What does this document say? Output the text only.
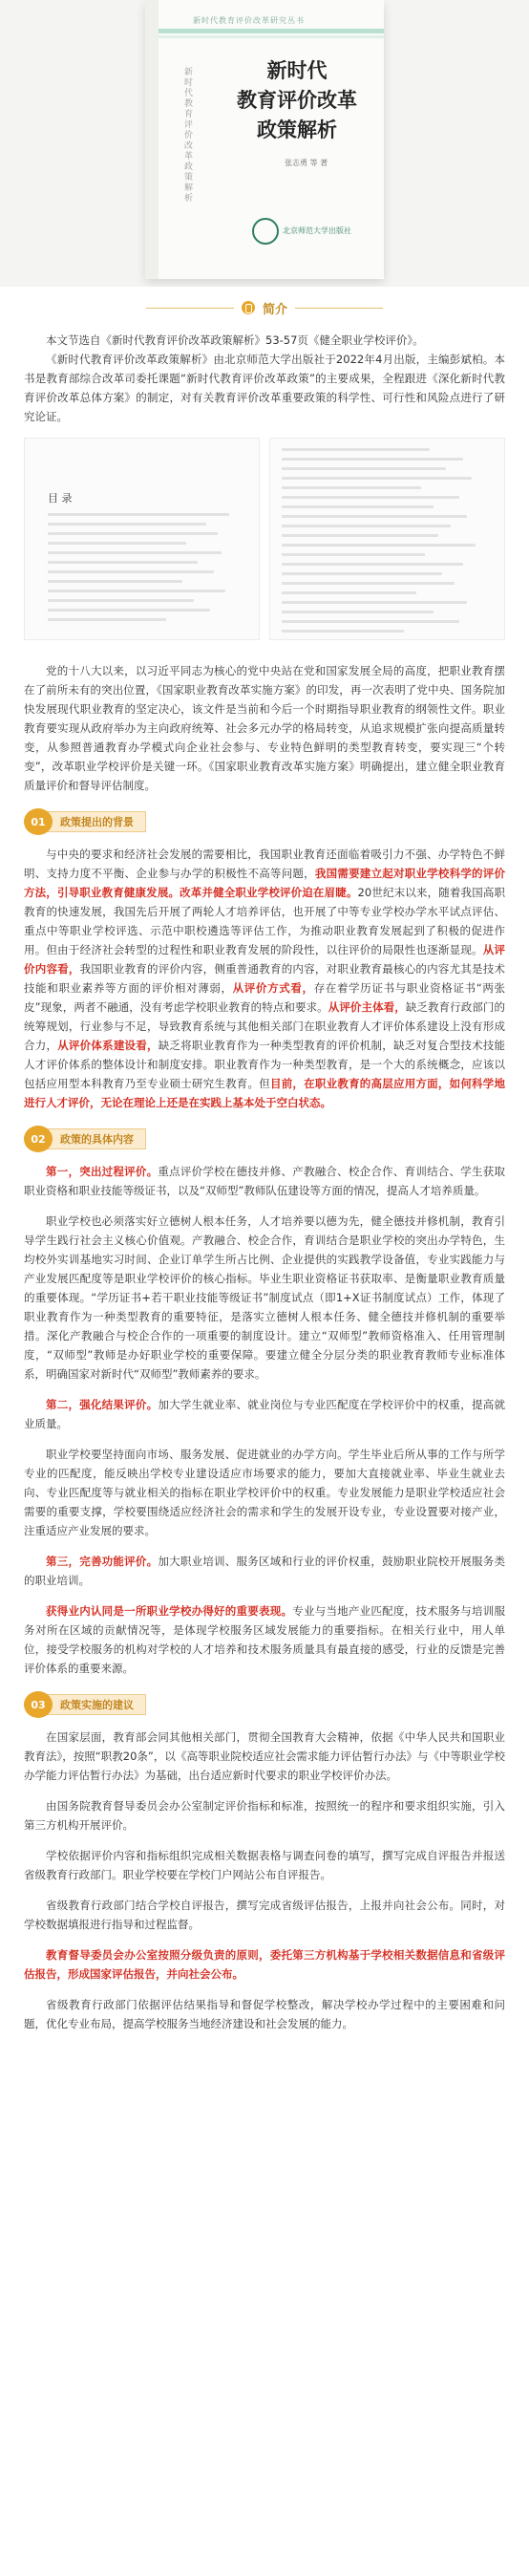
新时代教育评价改革研究丛书
新时代教育评价改革政策解析	新时代
教育评价改革
政策解析
张志勇 等 著
北京师范大学出版社
简介

本文节选自《新时代教育评价改革政策解析》53-57页《健全职业学校评价》。

《新时代教育评价改革政策解析》由北京师范大学出版社于2022年4月出版，主编彭斌柏。本书是教育部综合改革司委托课题“新时代教育评价改革政策”的主要成果，全程跟进《深化新时代教育评价改革总体方案》的制定，对有关教育评价改革重要政策的科学性、可行性和风险点进行了研究论证。

目 录

党的十八大以来，以习近平同志为核心的党中央站在党和国家发展全局的高度，把职业教育摆在了前所未有的突出位置，《国家职业教育改革实施方案》的印发，再一次表明了党中央、国务院加快发展现代职业教育的坚定决心，该文件是当前和今后一个时期指导职业教育的纲领性文件。职业教育要实现从政府举办为主向政府统筹、社会多元办学的格局转变，从追求规模扩张向提高质量转变，从参照普通教育办学模式向企业社会参与、专业特色鲜明的类型教育转变，要实现三“个转变”，改革职业学校评价是关键一环。《国家职业教育改革实施方案》明确提出，建立健全职业教育质量评价和督导评估制度。

01	政策提出的背景

与中央的要求和经济社会发展的需要相比，我国职业教育还面临着吸引力不强、办学特色不鲜明、支持力度不平衡、企业参与办学的积极性不高等问题，我国需要建立起对职业学校科学的评价方法，引导职业教育健康发展。改革并健全职业学校评价迫在眉睫。20世纪末以来，随着我国高职教育的快速发展，我国先后开展了两轮人才培养评估，也开展了中等专业学校办学水平试点评估、重点中等职业学校评选、示范中职校遴选等评估工作，为推动职业教育发展起到了积极的促进作用。但由于经济社会转型的过程性和职业教育发展的阶段性，以往评价的局限性也逐渐显现。从评价内容看，我国职业教育的评价内容，侧重普通教育的内容，对职业教育最核心的内容尤其是技术技能和职业素养等方面的评价相对薄弱，从评价方式看，存在着学历证书与职业资格证书“两张皮”现象，两者不融通，没有考虑学校职业教育的特点和要求。从评价主体看，缺乏教育行政部门的统筹规划，行业参与不足，导致教育系统与其他相关部门在职业教育人才评价体系建设上没有形成合力，从评价体系建设看，缺乏将职业教育作为一种类型教育的评价机制，缺乏对复合型技术技能人才评价体系的整体设计和制度安排。职业教育作为一种类型教育，是一个大的系统概念，应该以包括应用型本科教育乃至专业硕士研究生教育。但目前，在职业教育的高层应用方面，如何科学地进行人才评价，无论在理论上还是在实践上基本处于空白状态。

02	政策的具体内容

第一，突出过程评价。重点评价学校在德技并修、产教融合、校企合作、育训结合、学生获取职业资格和职业技能等级证书，以及“双师型”教师队伍建设等方面的情况，提高人才培养质量。

职业学校也必须落实好立德树人根本任务，人才培养要以德为先，健全德技并修机制，教育引导学生践行社会主义核心价值观。产教融合、校企合作，育训结合是职业学校的突出办学特色，生均校外实训基地实习时间、企业订单学生所占比例、企业提供的实践教学设备值，专业实践能力与产业发展匹配度等是职业学校评价的核心指标。毕业生职业资格证书获取率、是衡量职业教育质量的重要体现。“学历证书+若干职业技能等级证书”制度试点（即1+X证书制度试点）工作，体现了职业教育作为一种类型教育的重要特征，是落实立德树人根本任务、健全德技并修机制的重要举措。深化产教融合与校企合作的一项重要的制度设计。建立“双师型”教师资格准入、任用管理制度，“双师型”教师是办好职业学校的重要保障。要建立健全分层分类的职业教育教师专业标准体系，明确国家对新时代“双师型”教师素养的要求。

第二，强化结果评价。加大学生就业率、就业岗位与专业匹配度在学校评价中的权重，提高就业质量。

职业学校要坚持面向市场、服务发展、促进就业的办学方向。学生毕业后所从事的工作与所学专业的匹配度，能反映出学校专业建设适应市场要求的能力，要加大直接就业率、毕业生就业去向、专业匹配度等与就业相关的指标在职业学校评价中的权重。专业发展能力是职业学校适应社会需要的重要支撑，学校要围绕适应经济社会的需求和学生的发展开设专业，专业设置要对接产业，注重适应产业发展的要求。

第三，完善功能评价。加大职业培训、服务区域和行业的评价权重，鼓励职业院校开展服务类的职业培训。

获得业内认同是一所职业学校办得好的重要表现。专业与当地产业匹配度，技术服务与培训服务对所在区域的贡献情况等，是体现学校服务区域发展能力的重要指标。在相关行业中，用人单位，接受学校服务的机构对学校的人才培养和技术服务质量具有最直接的感受，行业的反馈是完善评价体系的重要来源。

03	政策实施的建议

在国家层面，教育部会同其他相关部门，贯彻全国教育大会精神，依据《中华人民共和国职业教育法》，按照“职教20条”，以《高等职业院校适应社会需求能力评估暂行办法》与《中等职业学校办学能力评估暂行办法》为基础，出台适应新时代要求的职业学校评价办法。

由国务院教育督导委员会办公室制定评价指标和标准，按照统一的程序和要求组织实施，引入第三方机构开展评价。

学校依据评价内容和指标组织完成相关数据表格与调查问卷的填写，撰写完成自评报告并报送省级教育行政部门。职业学校要在学校门户网站公布自评报告。

省级教育行政部门结合学校自评报告，撰写完成省级评估报告，上报并向社会公布。同时，对学校数据填报进行指导和过程监督。

教育督导委员会办公室按照分级负责的原则，委托第三方机构基于学校相关数据信息和省级评估报告，形成国家评估报告，并向社会公布。

省级教育行政部门依据评估结果指导和督促学校整改，解决学校办学过程中的主要困难和问题，优化专业布局，提高学校服务当地经济建设和社会发展的能力。
